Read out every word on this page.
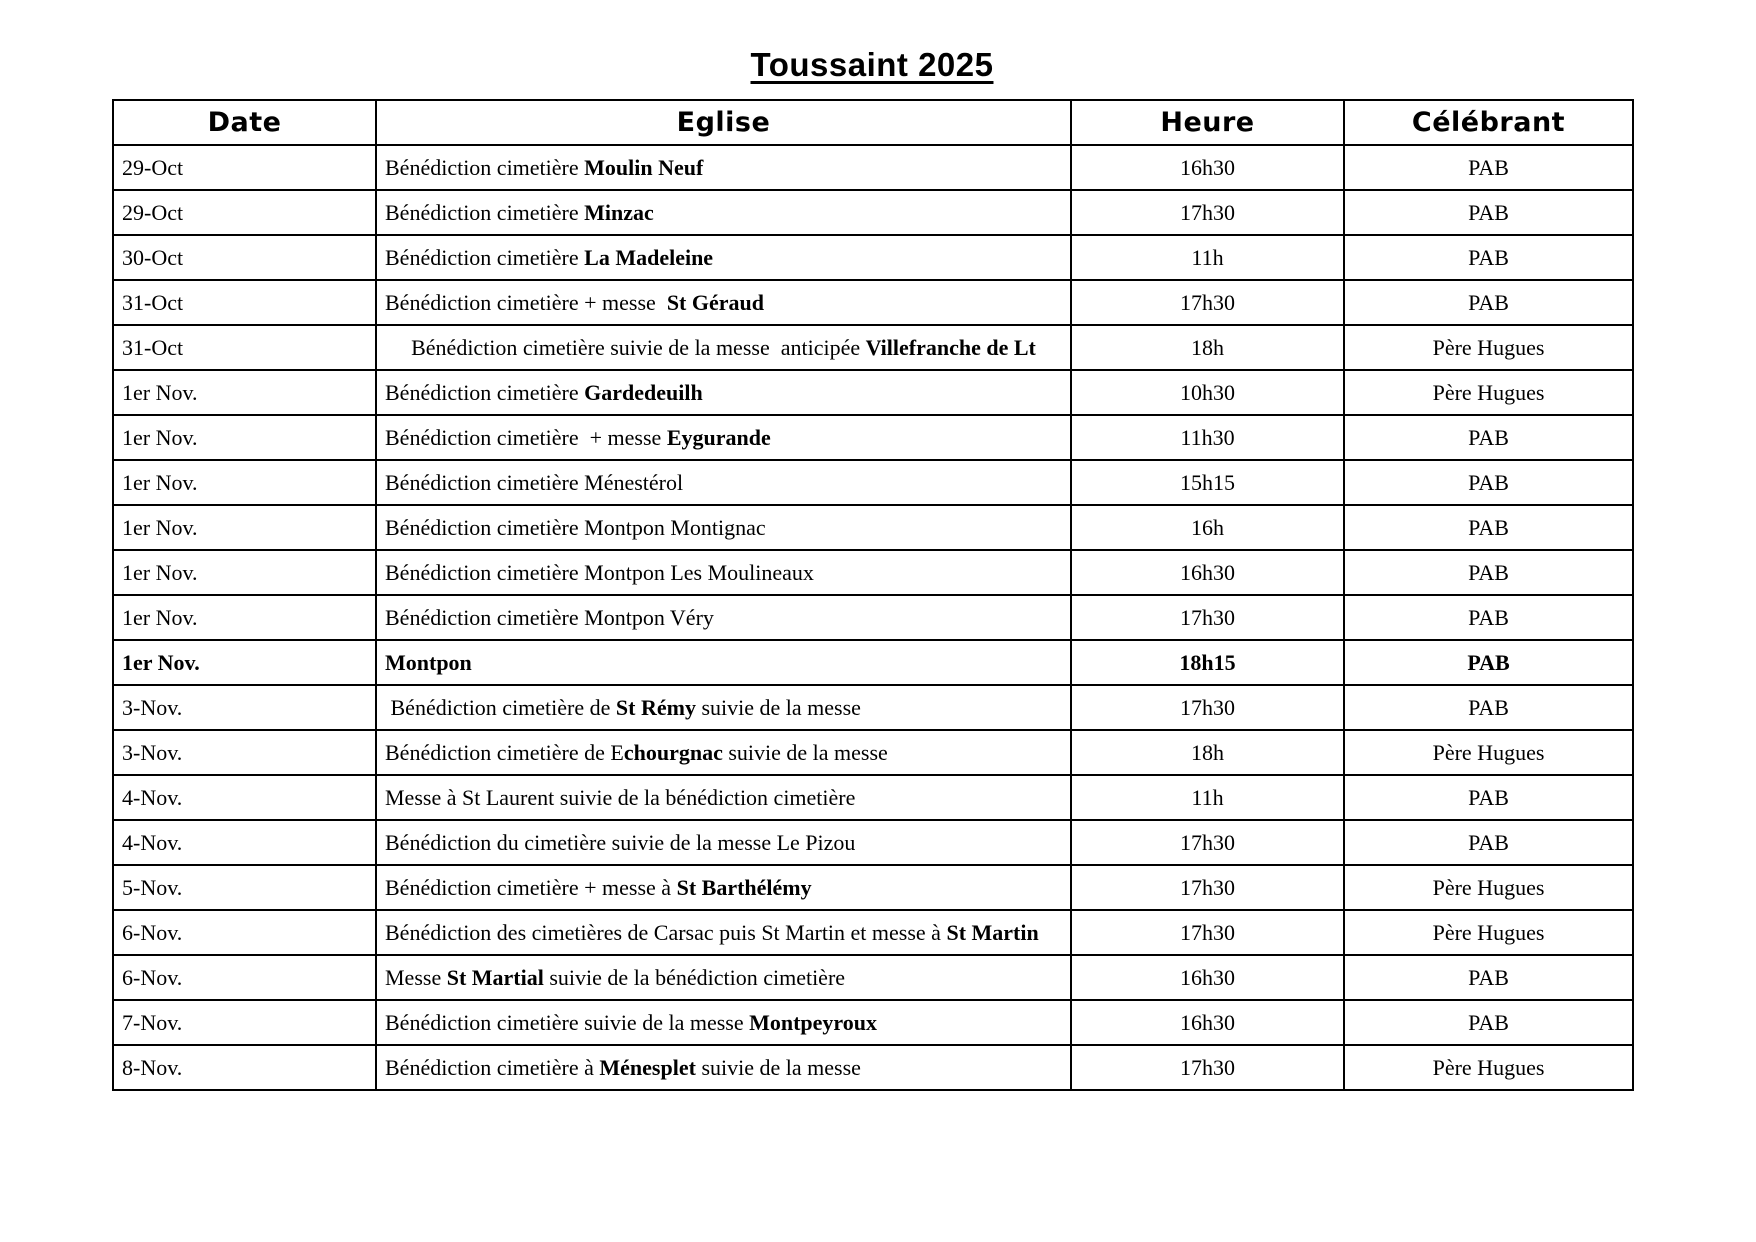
Toussaint 2025
Date	Eglise	Heure	Célébrant
29-Oct	Bénédiction cimetière Moulin Neuf	16h30	PAB
29-Oct	Bénédiction cimetière Minzac	17h30	PAB
30-Oct	Bénédiction cimetière La Madeleine	11h	PAB
31-Oct	Bénédiction cimetière + messe  St Géraud	17h30	PAB
31-Oct	Bénédiction cimetière suivie de la messe  anticipée Villefranche de Lt	18h	Père Hugues
1er Nov.	Bénédiction cimetière Gardedeuilh	10h30	Père Hugues
1er Nov.	Bénédiction cimetière  + messe Eygurande	11h30	PAB
1er Nov.	Bénédiction cimetière Ménestérol	15h15	PAB
1er Nov.	Bénédiction cimetière Montpon Montignac	16h	PAB
1er Nov.	Bénédiction cimetière Montpon Les Moulineaux	16h30	PAB
1er Nov.	Bénédiction cimetière Montpon Véry	17h30	PAB
1er Nov.	Montpon	18h15	PAB
3-Nov.	Bénédiction cimetière de St Rémy suivie de la messe	17h30	PAB
3-Nov.	Bénédiction cimetière de Echourgnac suivie de la messe	18h	Père Hugues
4-Nov.	Messe à St Laurent suivie de la bénédiction cimetière	11h	PAB
4-Nov.	Bénédiction du cimetière suivie de la messe Le Pizou	17h30	PAB
5-Nov.	Bénédiction cimetière + messe à St Barthélémy	17h30	Père Hugues
6-Nov.	Bénédiction des cimetières de Carsac puis St Martin et messe à St Martin	17h30	Père Hugues
6-Nov.	Messe St Martial suivie de la bénédiction cimetière	16h30	PAB
7-Nov.	Bénédiction cimetière suivie de la messe Montpeyroux	16h30	PAB
8-Nov.	Bénédiction cimetière à Ménesplet suivie de la messe	17h30	Père Hugues
